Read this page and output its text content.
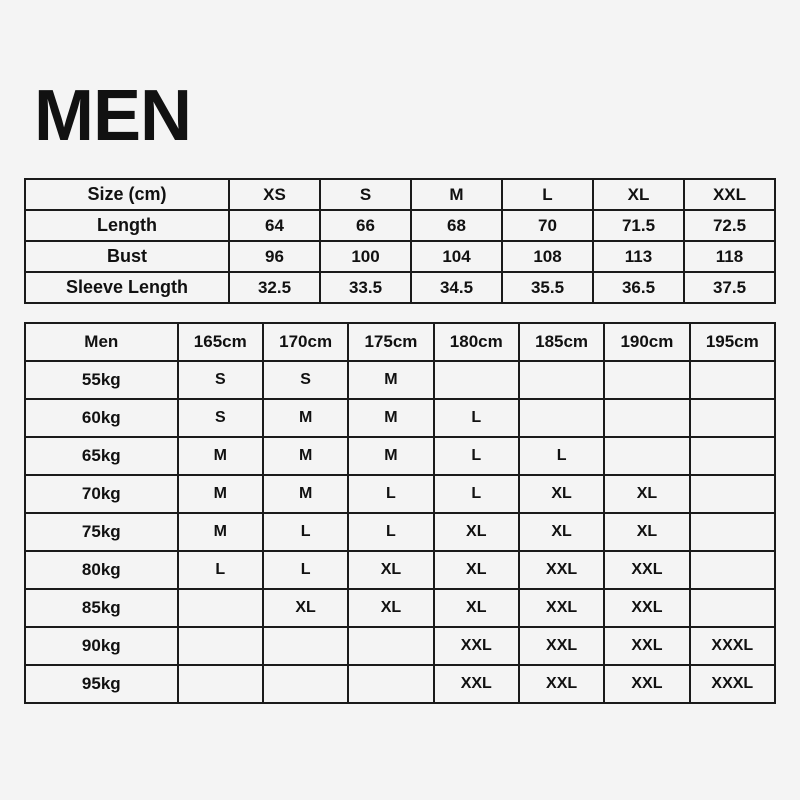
MEN
Size (cm)	XS	S	M	L	XL	XXL
Length	64	66	68	70	71.5	72.5
Bust	96	100	104	108	113	118
Sleeve Length	32.5	33.5	34.5	35.5	36.5	37.5
Men	165cm	170cm	175cm	180cm	185cm	190cm	195cm
55kg	S	S	M				
60kg	S	M	M	L			
65kg	M	M	M	L	L		
70kg	M	M	L	L	XL	XL	
75kg	M	L	L	XL	XL	XL	
80kg	L	L	XL	XL	XXL	XXL	
85kg		XL	XL	XL	XXL	XXL	
90kg				XXL	XXL	XXL	XXXL
95kg				XXL	XXL	XXL	XXXL
